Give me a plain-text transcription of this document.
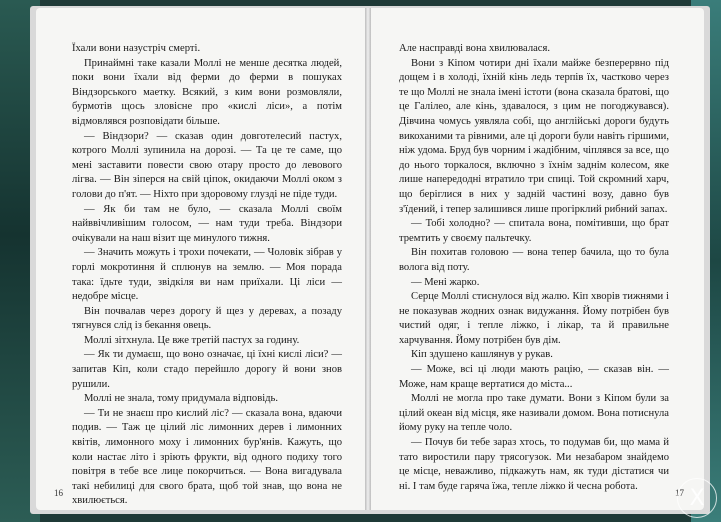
Їхали вони назустріч смерті.

Принаймні таке казали Моллі не менше десятка людей, поки вони їхали від ферми до ферми в пошуках Віндзорського маетку. Всякий, з ким вони розмовляли, бурмотів щось зловісне про «кислі ліси», а потім відмовлявся розповідати більше.

— Віндзори? — сказав один довготелесий пастух, котрого Моллі зупинила на дорозі. — Та це те саме, що мені заставити повести свою отару просто до левового лігва. — Він зіперся на свій ціпок, окидаючи Моллі оком з голови до п'ят. — Ніхто при здоровому глузді не піде туди.

— Як би там не було, — сказала Моллі своїм найввічливішим голосом, — нам туди треба. Віндзори очікували на наш візит ще минулого тижня.

— Значить можуть і трохи почекати, — Чоловік зібрав у горлі мокротиння й сплюнув на землю. — Моя порада така: їдьте туди, звідкіля ви нам приїхали. Ці ліси — недобре місце.

Він почвалав через дорогу й щез у деревах, а позаду тягнувся слід із бекання овець.

Моллі зітхнула. Це вже третій пастух за годину.

— Як ти думаєш, що воно означає, ці їхні кислі ліси? — запитав Кіп, коли стадо перейшло дорогу й вони знов рушили.

Моллі не знала, тому придумала відповідь.

— Ти не знаєш про кислий ліс? — сказала вона, вдаючи подив. — Таж це цілий ліс лимонних дерев і лимонних квітів, лимонного моху і лимонних бур'янів. Кажуть, що коли настає літо і зріють фрукти, від одного подиху того повітря в тебе все лице покорчиться. — Вона вигадувала такі небилиці для свого брата, щоб той знав, що вона не хвилюється.

16

Але насправді вона хвилювалася.

Вони з Кіпом чотири дні їхали майже безперервно під дощем і в холоді, їхній кінь ледь терпів їх, частково через те що Моллі не знала імені істоти (вона сказала братові, що це Галілео, але кінь, здавалося, з цим не погоджувався). Дівчина чомусь уявляла собі, що англійські дороги будуть викоханими та рівними, але ці дороги були навіть гіршими, ніж удома. Бруд був чорним і жадібним, чіплявся за все, що до нього торкалося, включно з їхнім заднім колесом, яке лише напередодні втратило три спиці. Той скромний харч, що беріглися в них у задній частині возу, давно був з'їдений, і тепер залишився лише прогірклий рибний запах.

— Тобі холодно? — спитала вона, помітивши, що брат тремтить у своєму пальтечку.

Він похитав головою — вона тепер бачила, що то була волога від поту.

— Мені жарко.

Серце Моллі стиснулося від жалю. Кіп хворів тижнями і не показував жодних ознак видужання. Йому потрібен був чистий одяг, і тепле ліжко, і лікар, та й правильне харчування. Йому потрібен був дім.

Кіп здушено кашлянув у рукав.

— Може, всі ці люди мають рацію, — сказав він. — Може, нам краще вертатися до міста...

Моллі не могла про таке думати. Вони з Кіпом були за цілий океан від місця, яке називали домом. Вона потиснула йому руку на тепле чоло.

— Почув би тебе зараз хтось, то подумав би, що мама й тато виростили пару трясогузок. Ми незабаром знайдемо це місце, неважливо, підкажуть нам, як туди дістатися чи ні. І там буде гаряча їжа, тепле ліжко й чесна робота.

17 X
